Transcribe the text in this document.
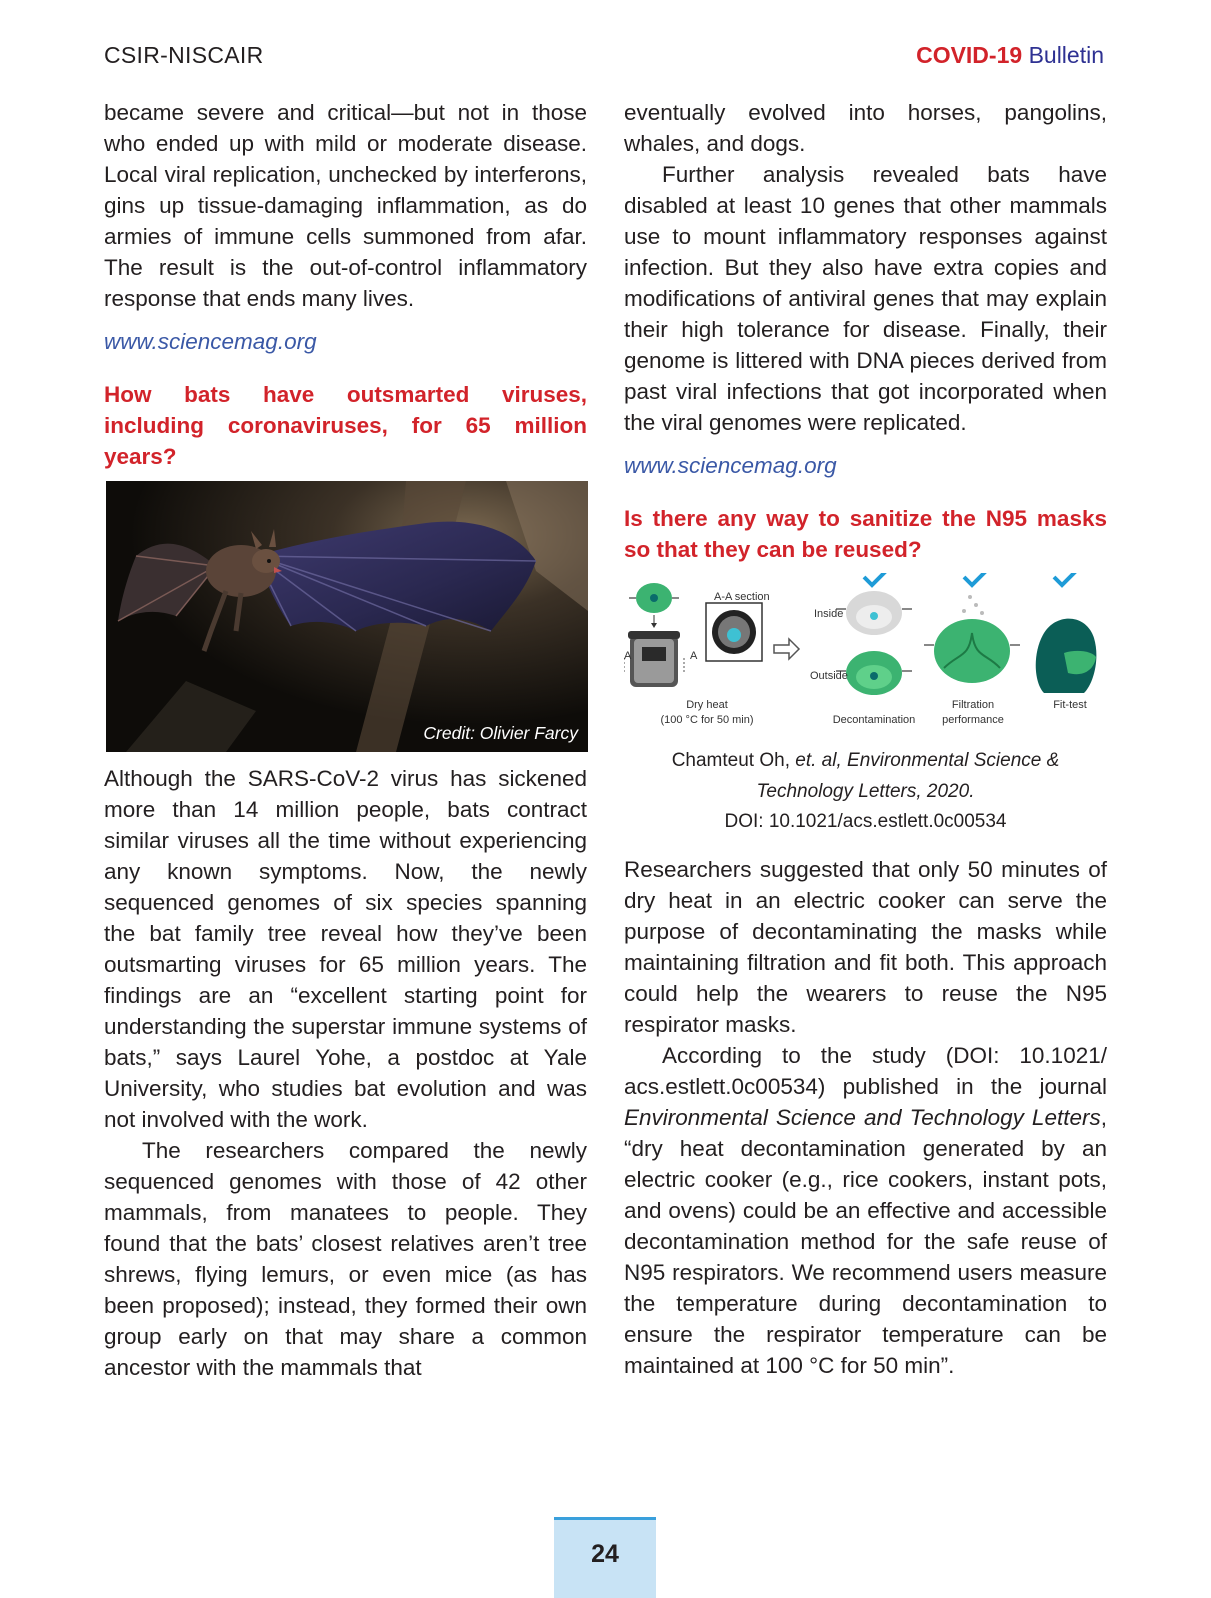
CSIR-NISCAIR	COVID-19 Bulletin

became severe and critical—but not in those who ended up with mild or moderate disease. Local viral replication, unchecked by interferons, gins up tissue-damaging inflammation, as do armies of immune cells summoned from afar. The result is the out-of-control inflammatory response that ends many lives.

www.sciencemag.org

How bats have outsmarted viruses, including coronaviruses, for 65 million years?

Credit: Olivier Farcy

Although the SARS-CoV-2 virus has sickened more than 14 million people, bats contract similar viruses all the time without experiencing any known symptoms. Now, the newly sequenced genomes of six species spanning the bat family tree reveal how they’ve been outsmarting viruses for 65 million years. The findings are an “excellent starting point for understanding the superstar immune systems of bats,” says Laurel Yohe, a postdoc at Yale University, who studies bat evolution and was not involved with the work.

The researchers compared the newly sequenced genomes with those of 42 other mammals, from manatees to people. They found that the bats’ closest relatives aren’t tree shrews, flying lemurs, or even mice (as has been proposed); instead, they formed their own group early on that may share a common ancestor with the mammals that

eventually evolved into horses, pangolins, whales, and dogs.

Further analysis revealed bats have disabled at least 10 genes that other mammals use to mount inflammatory responses against infection. But they also have extra copies and modifications of antiviral genes that may explain their high tolerance for disease. Finally, their genome is littered with DNA pieces derived from past viral infections that got incorporated when the viral genomes were replicated.

www.sciencemag.org

Is there any way to sanitize the N95 masks so that they can be reused?

A-A section
Inside
Outside
A	A
Dry heat
(100 °C for 50 min)	Decontamination
Filtration
performance
Fit-test

Chamteut Oh, et. al, Environmental Science &
Technology Letters, 2020.
DOI: 10.1021/acs.estlett.0c00534

Researchers suggested that only 50 minutes of dry heat in an electric cooker can serve the purpose of decontaminating the masks while maintaining filtration and fit both. This approach could help the wearers to reuse the N95 respirator masks.

According to the study (DOI: 10.1021/ acs.estlett.0c00534) published in the journal Environmental Science and Technology Letters, “dry heat decontamination generated by an electric cooker (e.g., rice cookers, instant pots, and ovens) could be an effective and accessible decontamination method for the safe reuse of N95 respirators. We recommend users measure the temperature during decontamination to ensure the respirator temperature can be maintained at 100 °C for 50 min”.

24
